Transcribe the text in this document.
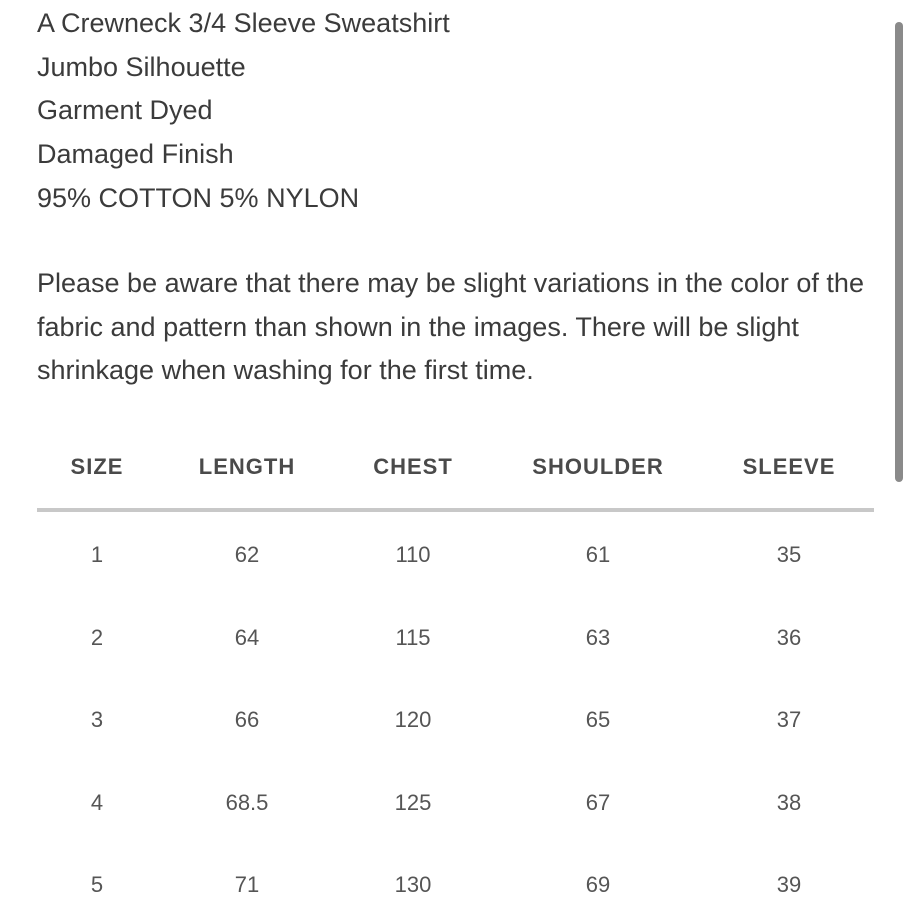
A Crewneck 3/4 Sleeve Sweatshirt
Jumbo Silhouette
Garment Dyed
Damaged Finish
95% COTTON 5% NYLON
Please be aware that there may be slight variations in the color of the fabric and pattern than shown in the images. There will be slight shrinkage when washing for the first time.
SIZE	LENGTH	CHEST	SHOULDER	SLEEVE
1	62	110	61	35
2	64	115	63	36
3	66	120	65	37
4	68.5	125	67	38
5	71	130	69	39
